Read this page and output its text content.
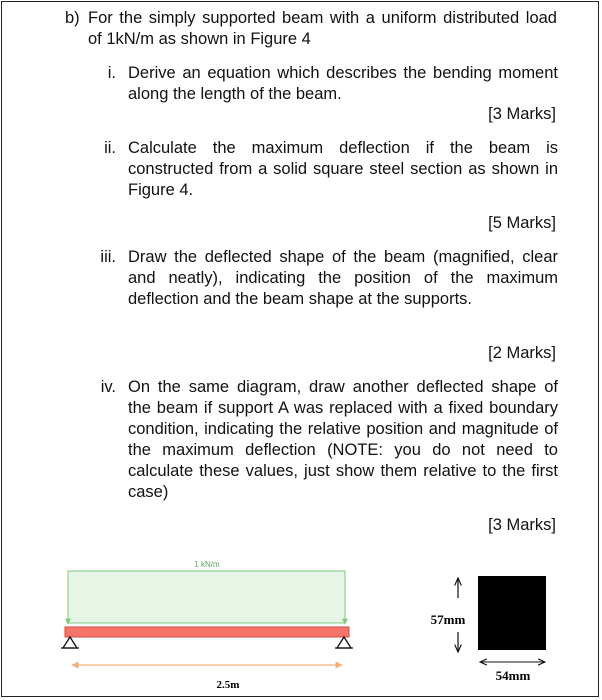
b) For the simply supported beam with a uniform distributed load of 1kN/m as shown in Figure 4
i. Derive an equation which describes the bending moment along the length of the beam.
[3 Marks]
ii. Calculate the maximum deflection if the beam is constructed from a solid square steel section as shown in Figure 4.
[5 Marks]
iii. Draw the deflected shape of the beam (magnified, clear and neatly), indicating the position of the maximum deflection and the beam shape at the supports.
[2 Marks]
iv. On the same diagram, draw another deflected shape of the beam if support A was replaced with a fixed boundary condition, indicating the relative position and magnitude of the maximum deflection (NOTE: you do not need to calculate these values, just show them relative to the first case)
[3 Marks]
1 kN/m
2.5m
57mm
54mm
